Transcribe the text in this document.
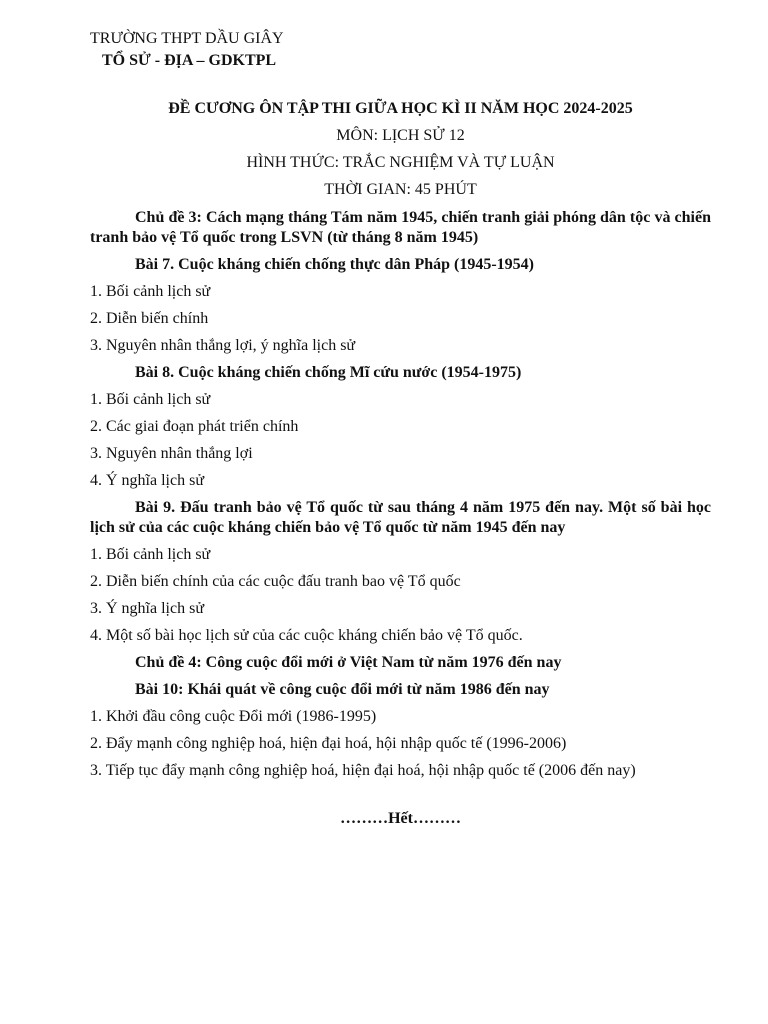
TRƯỜNG THPT DẦU GIÂY
TỔ SỬ - ĐỊA – GDKTPL
ĐỀ CƯƠNG ÔN TẬP THI GIỮA HỌC KÌ II NĂM HỌC 2024-2025
MÔN: LỊCH SỬ 12
HÌNH THỨC: TRẮC NGHIỆM VÀ TỰ LUẬN
THỜI GIAN: 45 PHÚT
Chủ đề 3: Cách mạng tháng Tám năm 1945, chiến tranh giải phóng dân tộc và chiến tranh bảo vệ Tổ quốc trong LSVN (từ tháng 8 năm 1945)
Bài 7. Cuộc kháng chiến chống thực dân Pháp (1945-1954)
1. Bối cảnh lịch sử
2. Diễn biến chính
3. Nguyên nhân thắng lợi, ý nghĩa lịch sử
Bài 8. Cuộc kháng chiến chống Mĩ cứu nước (1954-1975)
1. Bối cảnh lịch sử
2. Các giai đoạn phát triển chính
3. Nguyên nhân thắng lợi
4. Ý nghĩa lịch sử
Bài 9. Đấu tranh bảo vệ Tổ quốc từ sau tháng 4 năm 1975 đến nay. Một số bài học lịch sử của các cuộc kháng chiến bảo vệ Tổ quốc từ năm 1945 đến nay
1. Bối cảnh lịch sử
2. Diễn biến chính của các cuộc đấu tranh bao vệ Tổ quốc
3. Ý nghĩa lịch sử
4. Một số bài học lịch sử của các cuộc kháng chiến bảo vệ Tổ quốc.
Chủ đề 4: Công cuộc đổi mới ở Việt Nam từ năm 1976 đến nay
Bài 10: Khái quát về công cuộc đổi mới từ năm 1986 đến nay
1. Khởi đầu công cuộc Đổi mới (1986-1995)
2. Đẩy mạnh công nghiệp hoá, hiện đại hoá, hội nhập quốc tế (1996-2006)
3. Tiếp tục đẩy mạnh công nghiệp hoá, hiện đại hoá, hội nhập quốc tế (2006 đến nay)
………Hết………
